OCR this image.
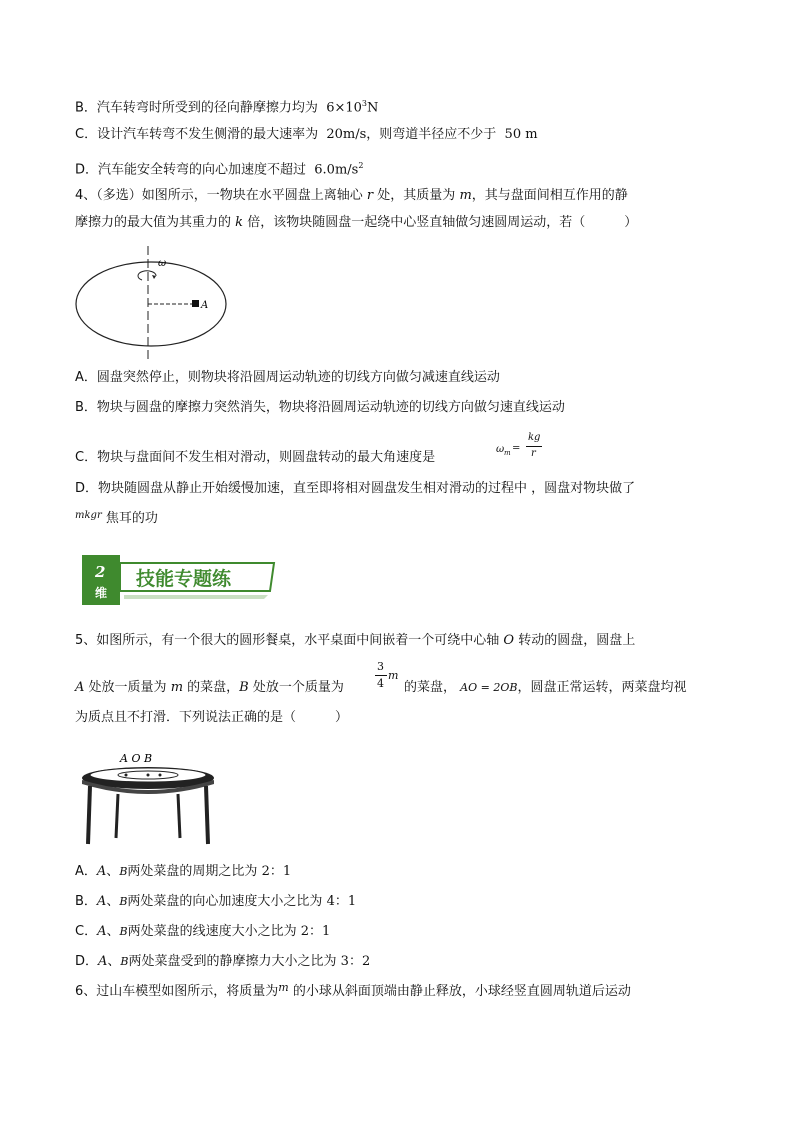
B．汽车转弯时所受到的径向静摩擦力均为 $6\times 10^3N$
C．设计汽车转弯不发生侧滑的最大速率为 20m/s，则弯道半径应不少于 50 m
D．汽车能安全转弯的向心加速度不超过 $6.0m/s^2$
4、（多选）如图所示，一物块在水平圆盘上离轴心 r 处，其质量为 m，其与盘面间相互作用的静
摩擦力的最大值为其重力的 k 倍，该物块随圆盘一起绕中心竖直轴做匀速圆周运动，若（　　　）
ω
A
A．圆盘突然停止，则物块将沿圆周运动轨迹的切线方向做匀减速直线运动
B．物块与圆盘的摩擦力突然消失，物块将沿圆周运动轨迹的切线方向做匀速直线运动
C．物块与盘面间不发生相对滑动，则圆盘转动的最大角速度是
ω m =
kg
r
D．物块随圆盘从静止开始缓慢加速，直至即将相对圆盘发生相对滑动的过程中 ，圆盘对物块做了
$^{mkgr}$ 焦耳的功
2
维
技能专题练
5、如图所示，有一个很大的圆形餐桌，水平桌面中间嵌着一个可绕中心轴 O 转动的圆盘，圆盘上
A 处放一质量为 m 的菜盘，B 处放一个质量为
3
4
m
的菜盘， AO = 2OB，圆盘正常运转，两菜盘均视
为质点且不打滑．下列说法正确的是（　　　）
A O B
A．A、B两处菜盘的周期之比为 2：1
B．A、B两处菜盘的向心加速度大小之比为 4：1
C．A、B两处菜盘的线速度大小之比为 2：1
D．A、B两处菜盘受到的静摩擦力大小之比为 3：2
6、过山车模型如图所示，将质量为$^m$ 的小球从斜面顶端由静止释放，小球经竖直圆周轨道后运动
